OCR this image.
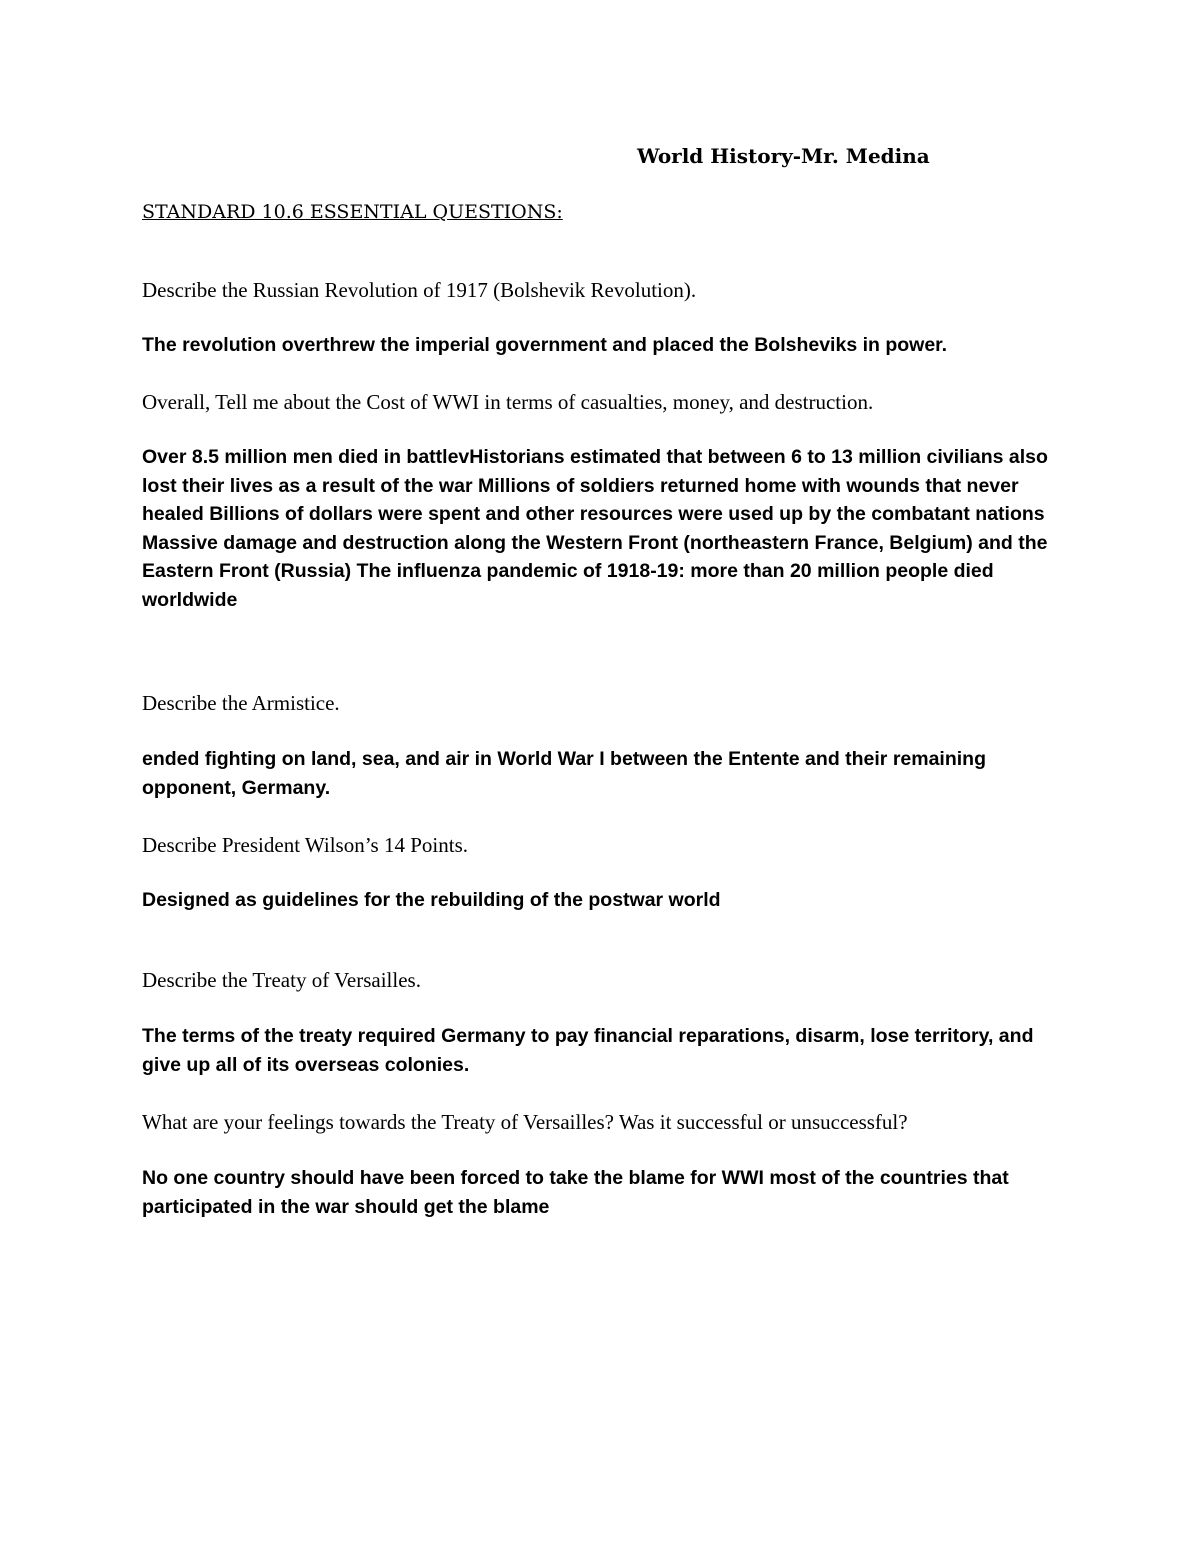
World History-Mr. Medina
STANDARD 10.6 ESSENTIAL QUESTIONS:
Describe the Russian Revolution of 1917 (Bolshevik Revolution).
The revolution overthrew the imperial government and placed the Bolsheviks in power.
Overall, Tell me about the Cost of WWI in terms of casualties, money, and destruction.
Over 8.5 million men died in battlevHistorians estimated that between 6 to 13 million civilians also lost their lives as a result of the war Millions of soldiers returned home with wounds that never healed Billions of dollars were spent and other resources were used up by the combatant nations Massive damage and destruction along the Western Front (northeastern France, Belgium) and the Eastern Front (Russia) The influenza pandemic of 1918-19: more than 20 million people died worldwide
Describe the Armistice.
ended fighting on land, sea, and air in World War I between the Entente and their remaining opponent, Germany.
Describe President Wilson’s 14 Points.
Designed as guidelines for the rebuilding of the postwar world
Describe the Treaty of Versailles.
The terms of the treaty required Germany to pay financial reparations, disarm, lose territory, and give up all of its overseas colonies.
What are your feelings towards the Treaty of Versailles? Was it successful or unsuccessful?
No one country should have been forced to take the blame for WWI most of the countries that participated in the war should get the blame
